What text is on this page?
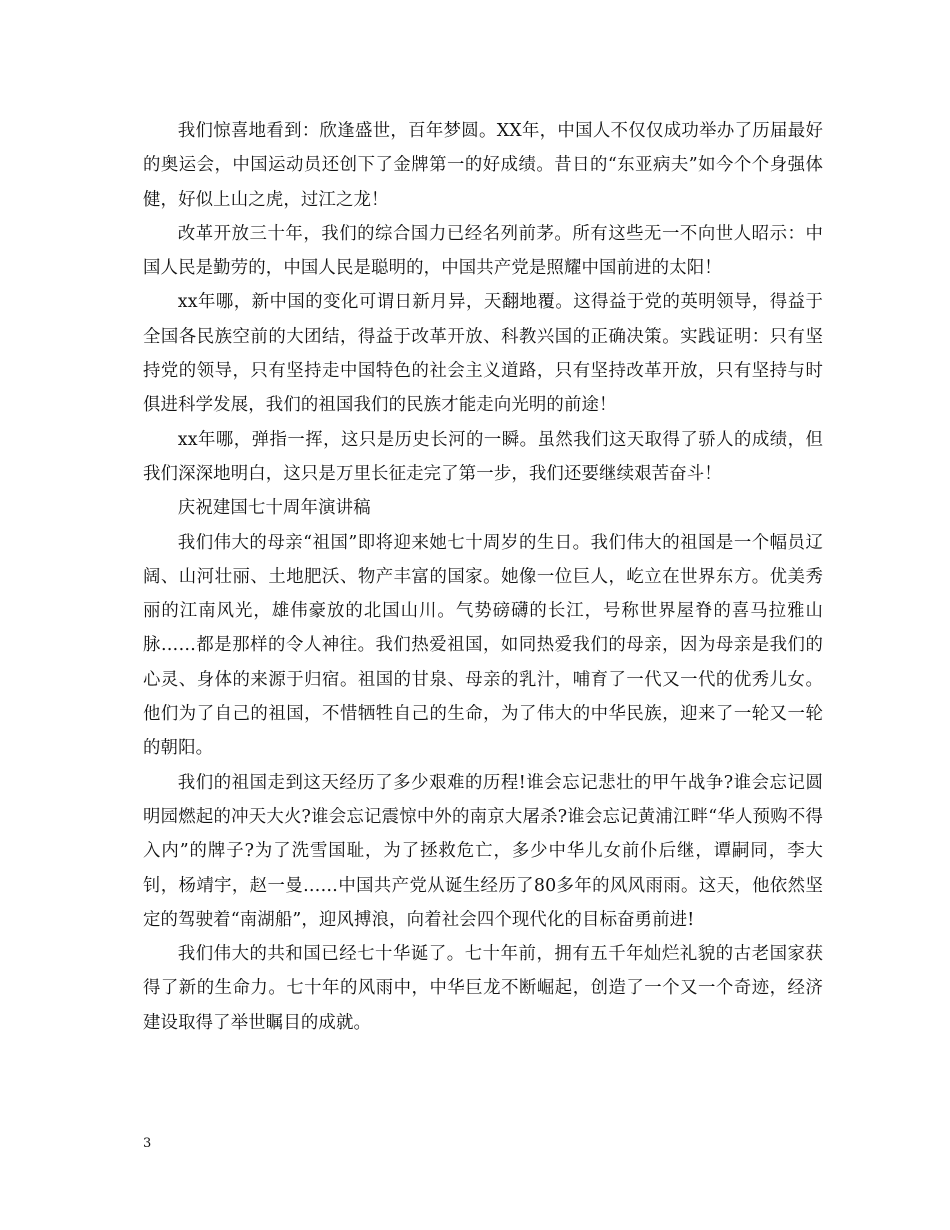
我们惊喜地看到：欣逢盛世，百年梦圆。XX年，中国人不仅仅成功举办了历届最好的奥运会，中国运动员还创下了金牌第一的好成绩。昔日的“东亚病夫”如今个个身强体健，好似上山之虎，过江之龙！

改革开放三十年，我们的综合国力已经名列前茅。所有这些无一不向世人昭示：中国人民是勤劳的，中国人民是聪明的，中国共产党是照耀中国前进的太阳！

xx年哪，新中国的变化可谓日新月异，天翻地覆。这得益于党的英明领导，得益于全国各民族空前的大团结，得益于改革开放、科教兴国的正确决策。实践证明：只有坚持党的领导，只有坚持走中国特色的社会主义道路，只有坚持改革开放，只有坚持与时俱进科学发展，我们的祖国我们的民族才能走向光明的前途！

xx年哪，弹指一挥，这只是历史长河的一瞬。虽然我们这天取得了骄人的成绩，但我们深深地明白，这只是万里长征走完了第一步，我们还要继续艰苦奋斗！

庆祝建国七十周年演讲稿

我们伟大的母亲“祖国”即将迎来她七十周岁的生日。我们伟大的祖国是一个幅员辽阔、山河壮丽、土地肥沃、物产丰富的国家。她像一位巨人，屹立在世界东方。优美秀丽的江南风光，雄伟豪放的北国山川。气势磅礴的长江，号称世界屋脊的喜马拉雅山脉……都是那样的令人神往。我们热爱祖国，如同热爱我们的母亲，因为母亲是我们的心灵、身体的来源于归宿。祖国的甘泉、母亲的乳汁，哺育了一代又一代的优秀儿女。他们为了自己的祖国，不惜牺牲自己的生命，为了伟大的中华民族，迎来了一轮又一轮的朝阳。

我们的祖国走到这天经历了多少艰难的历程!谁会忘记悲壮的甲午战争?谁会忘记圆明园燃起的冲天大火?谁会忘记震惊中外的南京大屠杀?谁会忘记黄浦江畔“华人预购不得入内”的牌子?为了洗雪国耻，为了拯救危亡，多少中华儿女前仆后继，谭嗣同，李大钊，杨靖宇，赵一曼……中国共产党从诞生经历了80多年的风风雨雨。这天，他依然坚定的驾驶着“南湖船”，迎风搏浪，向着社会四个现代化的目标奋勇前进!

我们伟大的共和国已经七十华诞了。七十年前，拥有五千年灿烂礼貌的古老国家获得了新的生命力。七十年的风雨中，中华巨龙不断崛起，创造了一个又一个奇迹，经济建设取得了举世瞩目的成就。

3
